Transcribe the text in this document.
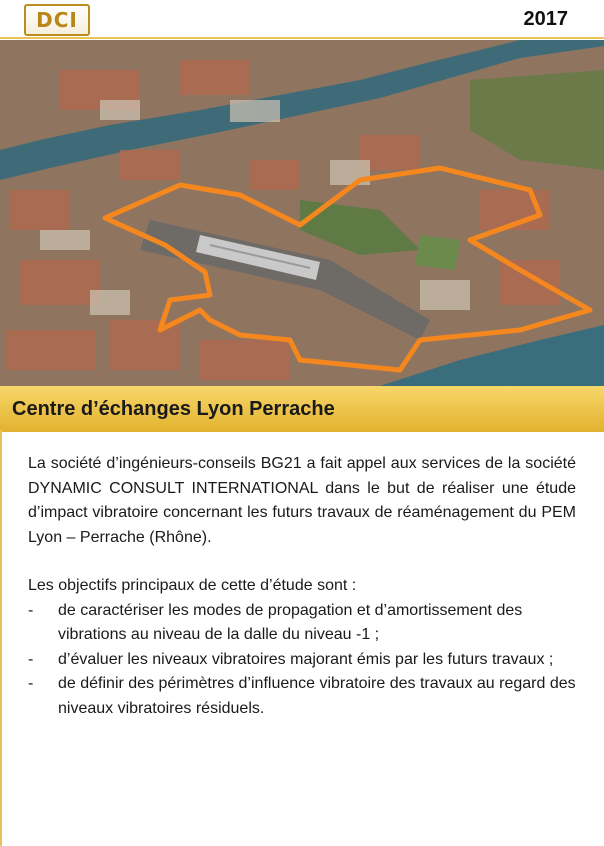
DCI	2017
Centre d’échanges Lyon Perrache

La société d’ingénieurs-conseils BG21 a fait appel aux services de la société DYNAMIC CONSULT INTERNATIONAL dans le but de réaliser une étude d’impact vibratoire concernant les futurs travaux de réaménagement du PEM Lyon – Perrache (Rhône).

Les objectifs principaux de cette d’étude sont :

- de caractériser les modes de propagation et d’amortissement des vibrations au niveau de la dalle du niveau -1 ;
- d’évaluer les niveaux vibratoires majorant émis par les futurs travaux ;
- de définir des périmètres d’influence vibratoire des travaux au regard des niveaux vibratoires résiduels.
